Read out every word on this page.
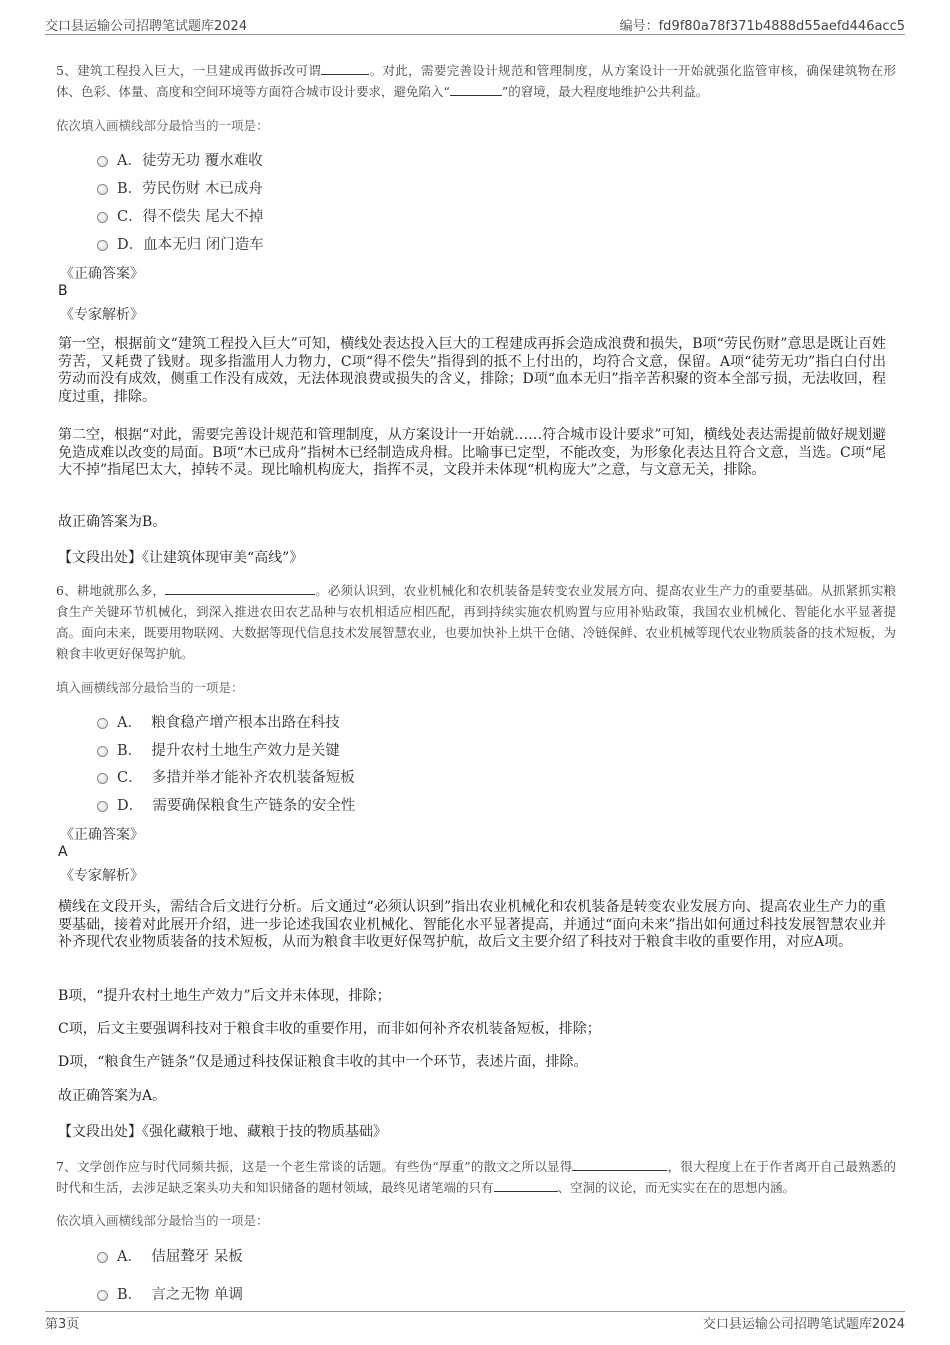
交口县运输公司招聘笔试题库2024	编号：fd9f80a78f371b4888d55aefd446acc5

5、建筑工程投入巨大，一旦建成再做拆改可谓	。对此，需要完善设计规范和管理制度，从方案设计一开始就强化监管审核，确保建筑物在形体、色彩、体量、高度和空间环境等方面符合城市设计要求，避免陷入“	”的窘境，最大程度地维护公共利益。

依次填入画横线部分最恰当的一项是：

A．徒劳无功 覆水难收
B．劳民伤财 木已成舟
C．得不偿失 尾大不掉
D．血本无归 闭门造车
《正确答案》
B
《专家解析》

第一空，根据前文“建筑工程投入巨大”可知，横线处表达投入巨大的工程建成再拆会造成浪费和损失，B项“劳民伤财”意思是既让百姓劳苦，又耗费了钱财。现多指滥用人力物力，C项“得不偿失”指得到的抵不上付出的，均符合文意，保留。A项“徒劳无功”指白白付出劳动而没有成效，侧重工作没有成效，无法体现浪费或损失的含义，排除；D项“血本无归”指辛苦积聚的资本全部亏损，无法收回，程度过重，排除。

第二空，根据“对此，需要完善设计规范和管理制度，从方案设计一开始就……符合城市设计要求”可知，横线处表达需提前做好规划避免造成难以改变的局面。B项“木已成舟”指树木已经制造成舟楫。比喻事已定型，不能改变，为形象化表达且符合文意，当选。C项“尾大不掉”指尾巴太大，掉转不灵。现比喻机构庞大，指挥不灵，文段并未体现“机构庞大”之意，与文意无关，排除。

故正确答案为B。

【文段出处】《让建筑体现审美“高线”》

6、耕地就那么多，	。必须认识到，农业机械化和农机装备是转变农业发展方向、提高农业生产力的重要基础。从抓紧抓实粮食生产关键环节机械化，到深入推进农田农艺品种与农机相适应相匹配，再到持续实施农机购置与应用补贴政策，我国农业机械化、智能化水平显著提高。面向未来，既要用物联网、大数据等现代信息技术发展智慧农业，也要加快补上烘干仓储、冷链保鲜、农业机械等现代农业物质装备的技术短板，为粮食丰收更好保驾护航。

填入画横线部分最恰当的一项是：

A．  粮食稳产增产根本出路在科技
B．  提升农村土地生产效力是关键
C．  多措并举才能补齐农机装备短板
D．  需要确保粮食生产链条的安全性
《正确答案》
A
《专家解析》

横线在文段开头，需结合后文进行分析。后文通过“必须认识到”指出农业机械化和农机装备是转变农业发展方向、提高农业生产力的重要基础，接着对此展开介绍，进一步论述我国农业机械化、智能化水平显著提高，并通过“面向未来”指出如何通过科技发展智慧农业并补齐现代农业物质装备的技术短板，从而为粮食丰收更好保驾护航，故后文主要介绍了科技对于粮食丰收的重要作用，对应A项。

B项，“提升农村土地生产效力”后文并未体现，排除；

C项，后文主要强调科技对于粮食丰收的重要作用，而非如何补齐农机装备短板，排除；

D项，“粮食生产链条”仅是通过科技保证粮食丰收的其中一个环节，表述片面，排除。

故正确答案为A。

【文段出处】《强化藏粮于地、藏粮于技的物质基础》

7、文学创作应与时代同频共振，这是一个老生常谈的话题。有些伪“厚重”的散文之所以显得	，很大程度上在于作者离开自己最熟悉的时代和生活，去涉足缺乏案头功夫和知识储备的题材领域，最终见诸笔端的只有	、空洞的议论，而无实实在在的思想内涵。

依次填入画横线部分最恰当的一项是：

A．  佶屈聱牙 呆板
B．  言之无物 单调
第3页	交口县运输公司招聘笔试题库2024
